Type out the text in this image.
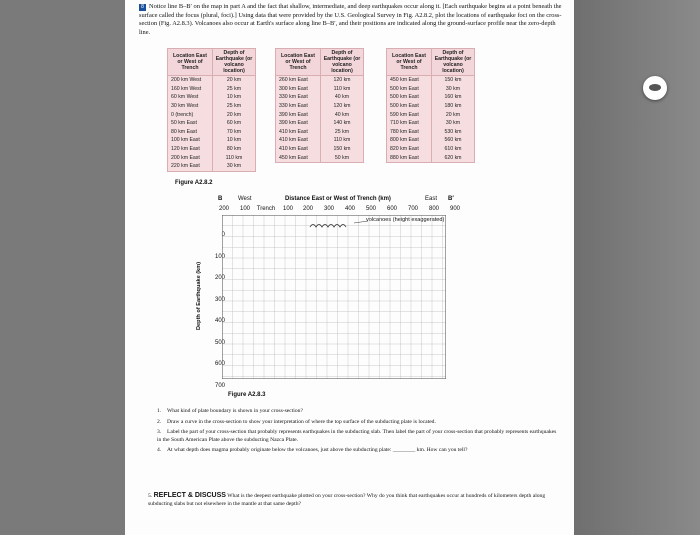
8 Notice line B–B′ on the map in part A and the fact that shallow, intermediate, and deep earthquakes occur along it. [Each earthquake begins at a point beneath the surface called the focus (plural, foci).] Using data that were provided by the U.S. Geological Survey in Fig. A2.8.2, plot the locations of earthquake foci on the cross-section (Fig. A2.8.3). Volcanoes also occur at Earth's surface along line B–B′, and their positions are indicated along the ground-surface profile near the zero-depth line.
Location East or West of Trench	Depth of Earthquake (or volcano location)
200 km West	20 km
160 km West	25 km
60 km West	10 km
30 km West	25 km
0 (trench)	20 km
50 km East	60 km
80 km East	70 km
100 km East	10 km
120 km East	80 km
200 km East	110 km
220 km East	30 km
Location East or West of Trench	Depth of Earthquake (or volcano location)
260 km East	120 km
300 km East	110 km
330 km East	40 km
330 km East	120 km
390 km East	40 km
390 km East	140 km
410 km East	25 km
410 km East	110 km
410 km East	150 km
450 km East	50 km
Location East or West of Trench	Depth of Earthquake (or volcano location)
450 km East	150 km
500 km East	30 km
500 km East	160 km
500 km East	180 km
590 km East	20 km
710 km East	30 km
780 km East	530 km
800 km East	560 km
820 km East	610 km
880 km East	620 km
Figure A2.8.2
B	West	Distance East or West of Trench (km)	East B′
200	100	Trench	100	200	300	400	500	600	700	800	900
0
100
200
300
400
500
600
700
Depth of Earthquake (km)
volcanoes (height exaggerated)
Figure A2.8.3
1. What kind of plate boundary is shown in your cross-section?
2. Draw a curve in the cross-section to show your interpretation of where the top surface of the subducting plate is located.
3. Label the part of your cross-section that probably represents earthquakes in the subducting slab. Then label the part of your cross-section that probably represents earthquakes in the South American Plate above the subducting Nazca Plate.
4. At what depth does magma probably originate below the volcanoes, just above the subducting plate: ________ km. How can you tell?
5. REFLECT & DISCUSS What is the deepest earthquake plotted on your cross-section? Why do you think that earthquakes occur at hundreds of kilometers depth along subducting slabs but not elsewhere in the mantle at that same depth?
